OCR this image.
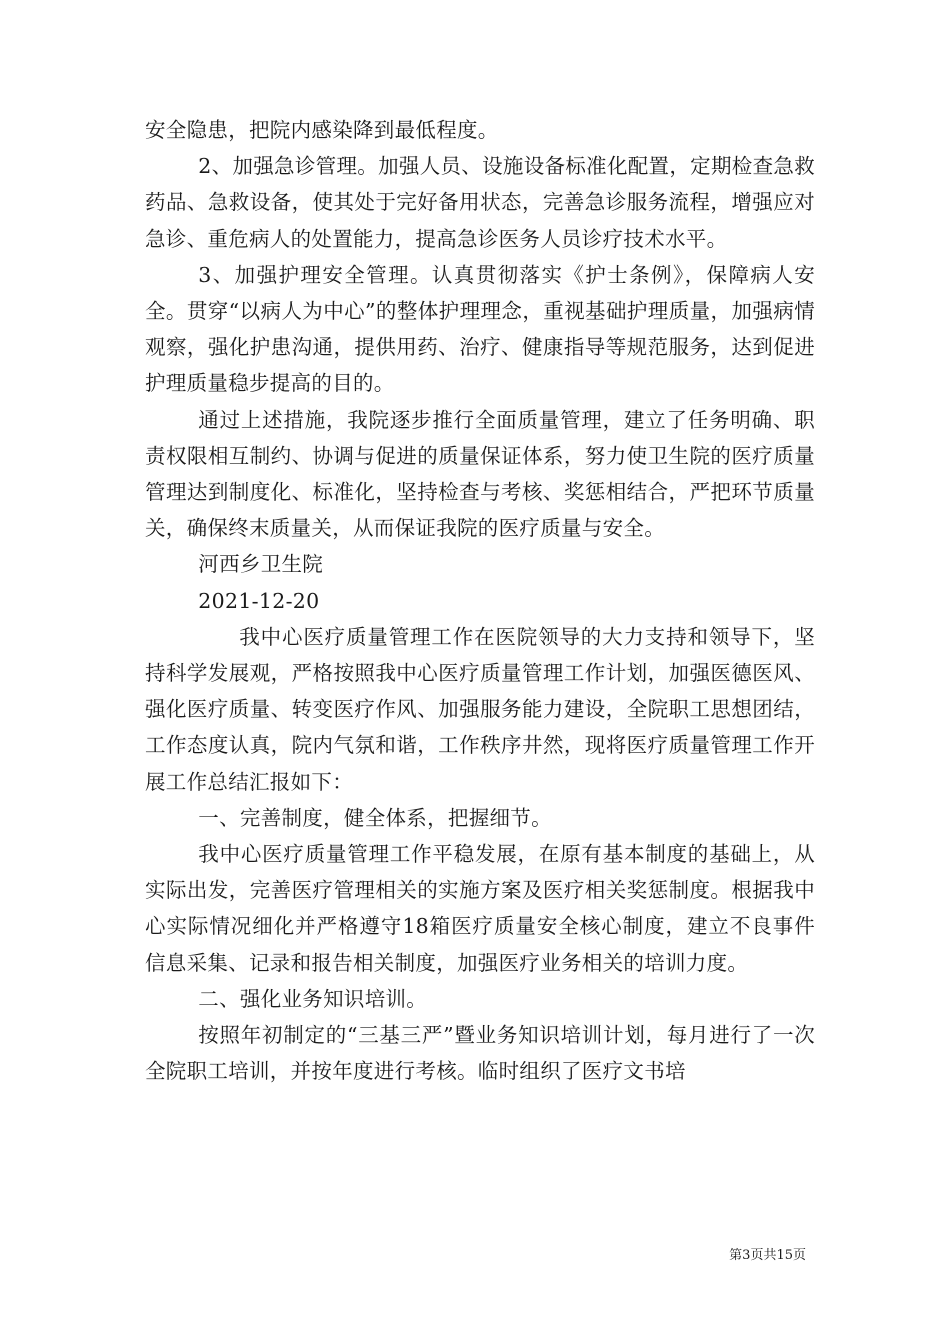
安全隐患，把院内感染降到最低程度。

2、加强急诊管理。加强人员、设施设备标准化配置，定期检查急救药品、急救设备，使其处于完好备用状态，完善急诊服务流程，增强应对急诊、重危病人的处置能力，提高急诊医务人员诊疗技术水平。

3、加强护理安全管理。认真贯彻落实《护士条例》，保障病人安全。贯穿“以病人为中心”的整体护理理念，重视基础护理质量，加强病情观察，强化护患沟通，提供用药、治疗、健康指导等规范服务，达到促进护理质量稳步提高的目的。

通过上述措施，我院逐步推行全面质量管理，建立了任务明确、职责权限相互制约、协调与促进的质量保证体系，努力使卫生院的医疗质量管理达到制度化、标准化，坚持检查与考核、奖惩相结合，严把环节质量关，确保终末质量关，从而保证我院的医疗质量与安全。

河西乡卫生院

2021-12-20

我中心医疗质量管理工作在医院领导的大力支持和领导下，坚持科学发展观，严格按照我中心医疗质量管理工作计划，加强医德医风、强化医疗质量、转变医疗作风、加强服务能力建设，全院职工思想团结，工作态度认真，院内气氛和谐，工作秩序井然，现将医疗质量管理工作开展工作总结汇报如下：

一、完善制度，健全体系，把握细节。

我中心医疗质量管理工作平稳发展，在原有基本制度的基础上，从实际出发，完善医疗管理相关的实施方案及医疗相关奖惩制度。根据我中心实际情况细化并严格遵守18箱医疗质量安全核心制度，建立不良事件信息采集、记录和报告相关制度，加强医疗业务相关的培训力度。

二、强化业务知识培训。

按照年初制定的“三基三严”暨业务知识培训计划，每月进行了一次全院职工培训，并按年度进行考核。临时组织了医疗文书培

第3页共15页
